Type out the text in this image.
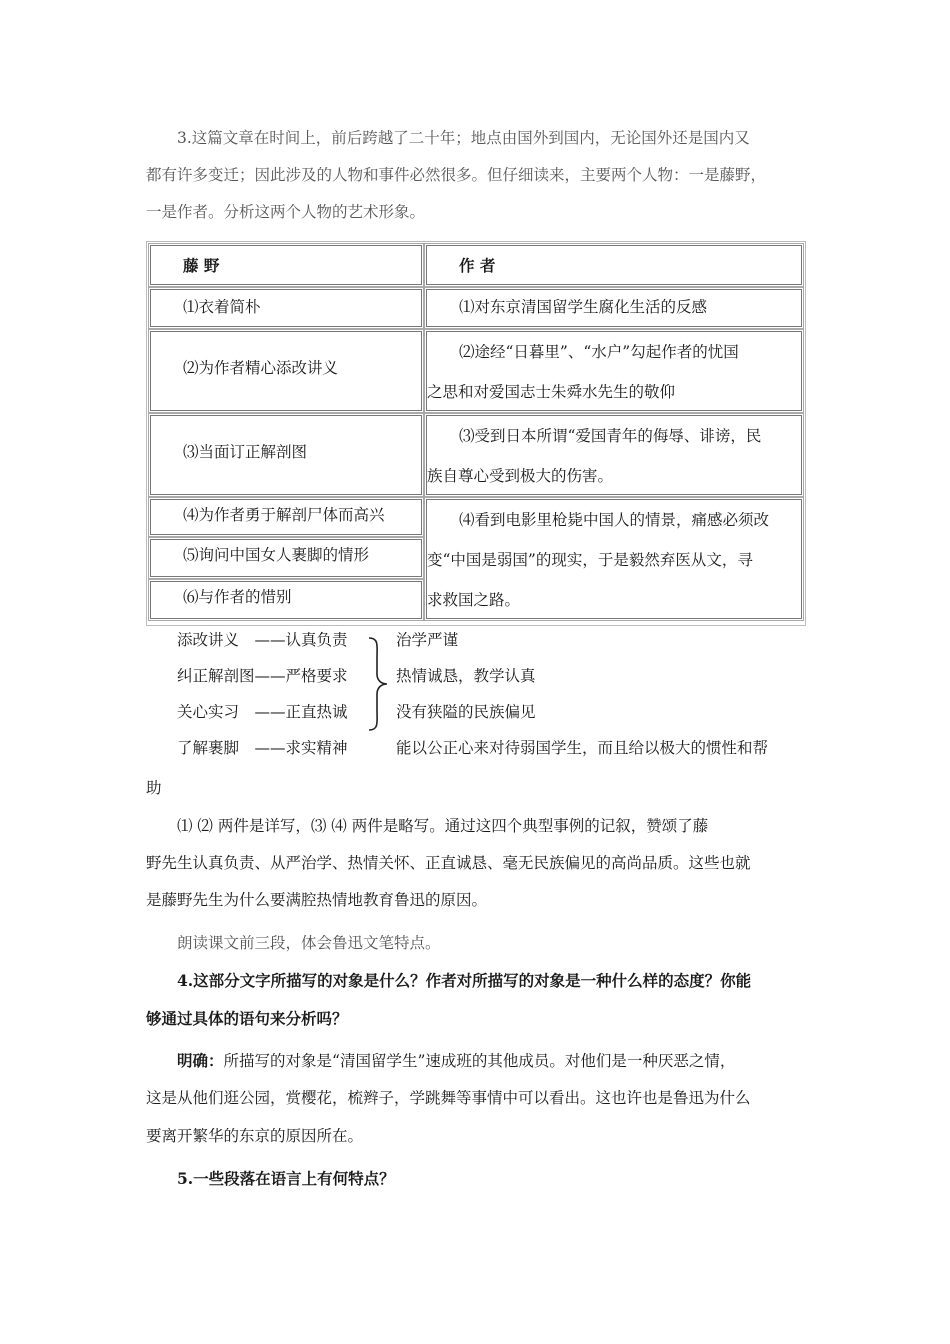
3.这篇文章在时间上，前后跨越了二十年；地点由国外到国内，无论国外还是国内又
都有许多变迁；因此涉及的人物和事件必然很多。但仔细读来，主要两个人物：一是藤野，
一是作者。分析这两个人物的艺术形象。
藤 野	作 者
⑴衣着简朴
⑵为作者精心添改讲义
⑶当面订正解剖图
⑷为作者勇于解剖尸体而高兴
⑸询问中国女人裹脚的情形
⑹与作者的惜别
⑴对东京清国留学生腐化生活的反感
⑵途经“日暮里”、“水户”勾起作者的忧国
之思和对爱国志士朱舜水先生的敬仰
⑶受到日本所谓“爱国青年的侮辱、诽谤，民
族自尊心受到极大的伤害。
⑷看到电影里枪毙中国人的情景，痛感必须改
变“中国是弱国”的现实，于是毅然弃医从文，寻
求救国之路。
添改讲义　——认真负责
纠正解剖图——严格要求
关心实习　——正直热诚
了解裹脚　——求实精神
治学严谨
热情诚恳，教学认真
没有狭隘的民族偏见
能以公正心来对待弱国学生，而且给以极大的惯性和帮
助
⑴ ⑵ 两件是详写，⑶ ⑷ 两件是略写。通过这四个典型事例的记叙，赞颂了藤
野先生认真负责、从严治学、热情关怀、正直诚恳、毫无民族偏见的高尚品质。这些也就
是藤野先生为什么要满腔热情地教育鲁迅的原因。
朗读课文前三段，体会鲁迅文笔特点。
4.这部分文字所描写的对象是什么？作者对所描写的对象是一种什么样的态度？你能
够通过具体的语句来分析吗？
明确：所描写的对象是“清国留学生”速成班的其他成员。对他们是一种厌恶之情，
这是从他们逛公园，赏樱花，梳辫子，学跳舞等事情中可以看出。这也许也是鲁迅为什么
要离开繁华的东京的原因所在。
5.一些段落在语言上有何特点？
